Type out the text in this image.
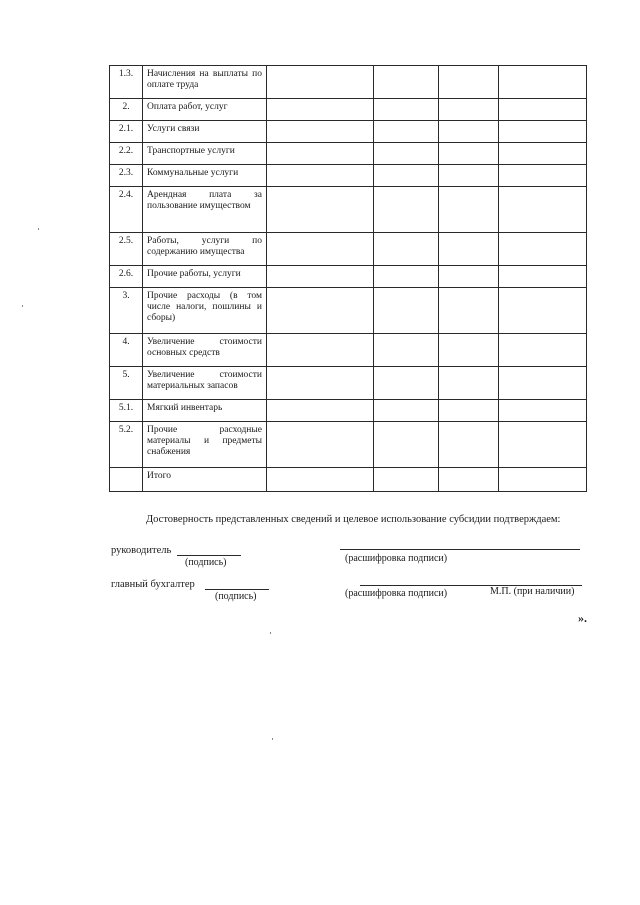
1.3.	Начисления на выплаты по оплате труда				
2.	Оплата работ, услуг				
2.1.	Услуги связи				
2.2.	Транспортные услуги				
2.3.	Коммунальные услуги				
2.4.	Арендная плата за пользование имуществом				
2.5.	Работы, услуги по содержанию имущества				
2.6.	Прочие работы, услуги				
3.	Прочие расходы (в том числе налоги, пошлины и сборы)				
4.	Увеличение стоимости основных средств				
5.	Увеличение стоимости материальных запасов				
5.1.	Мягкий инвентарь				
5.2.	Прочие расходные материалы и предметы снабжения				
	Итого				
Достоверность представленных сведений и целевое использование субсидии подтверждаем:
руководитель
(подпись)	(расшифровка подписи)
главный бухгалтер
(подпись)	(расшифровка подписи)	М.П. (при наличии)
».
